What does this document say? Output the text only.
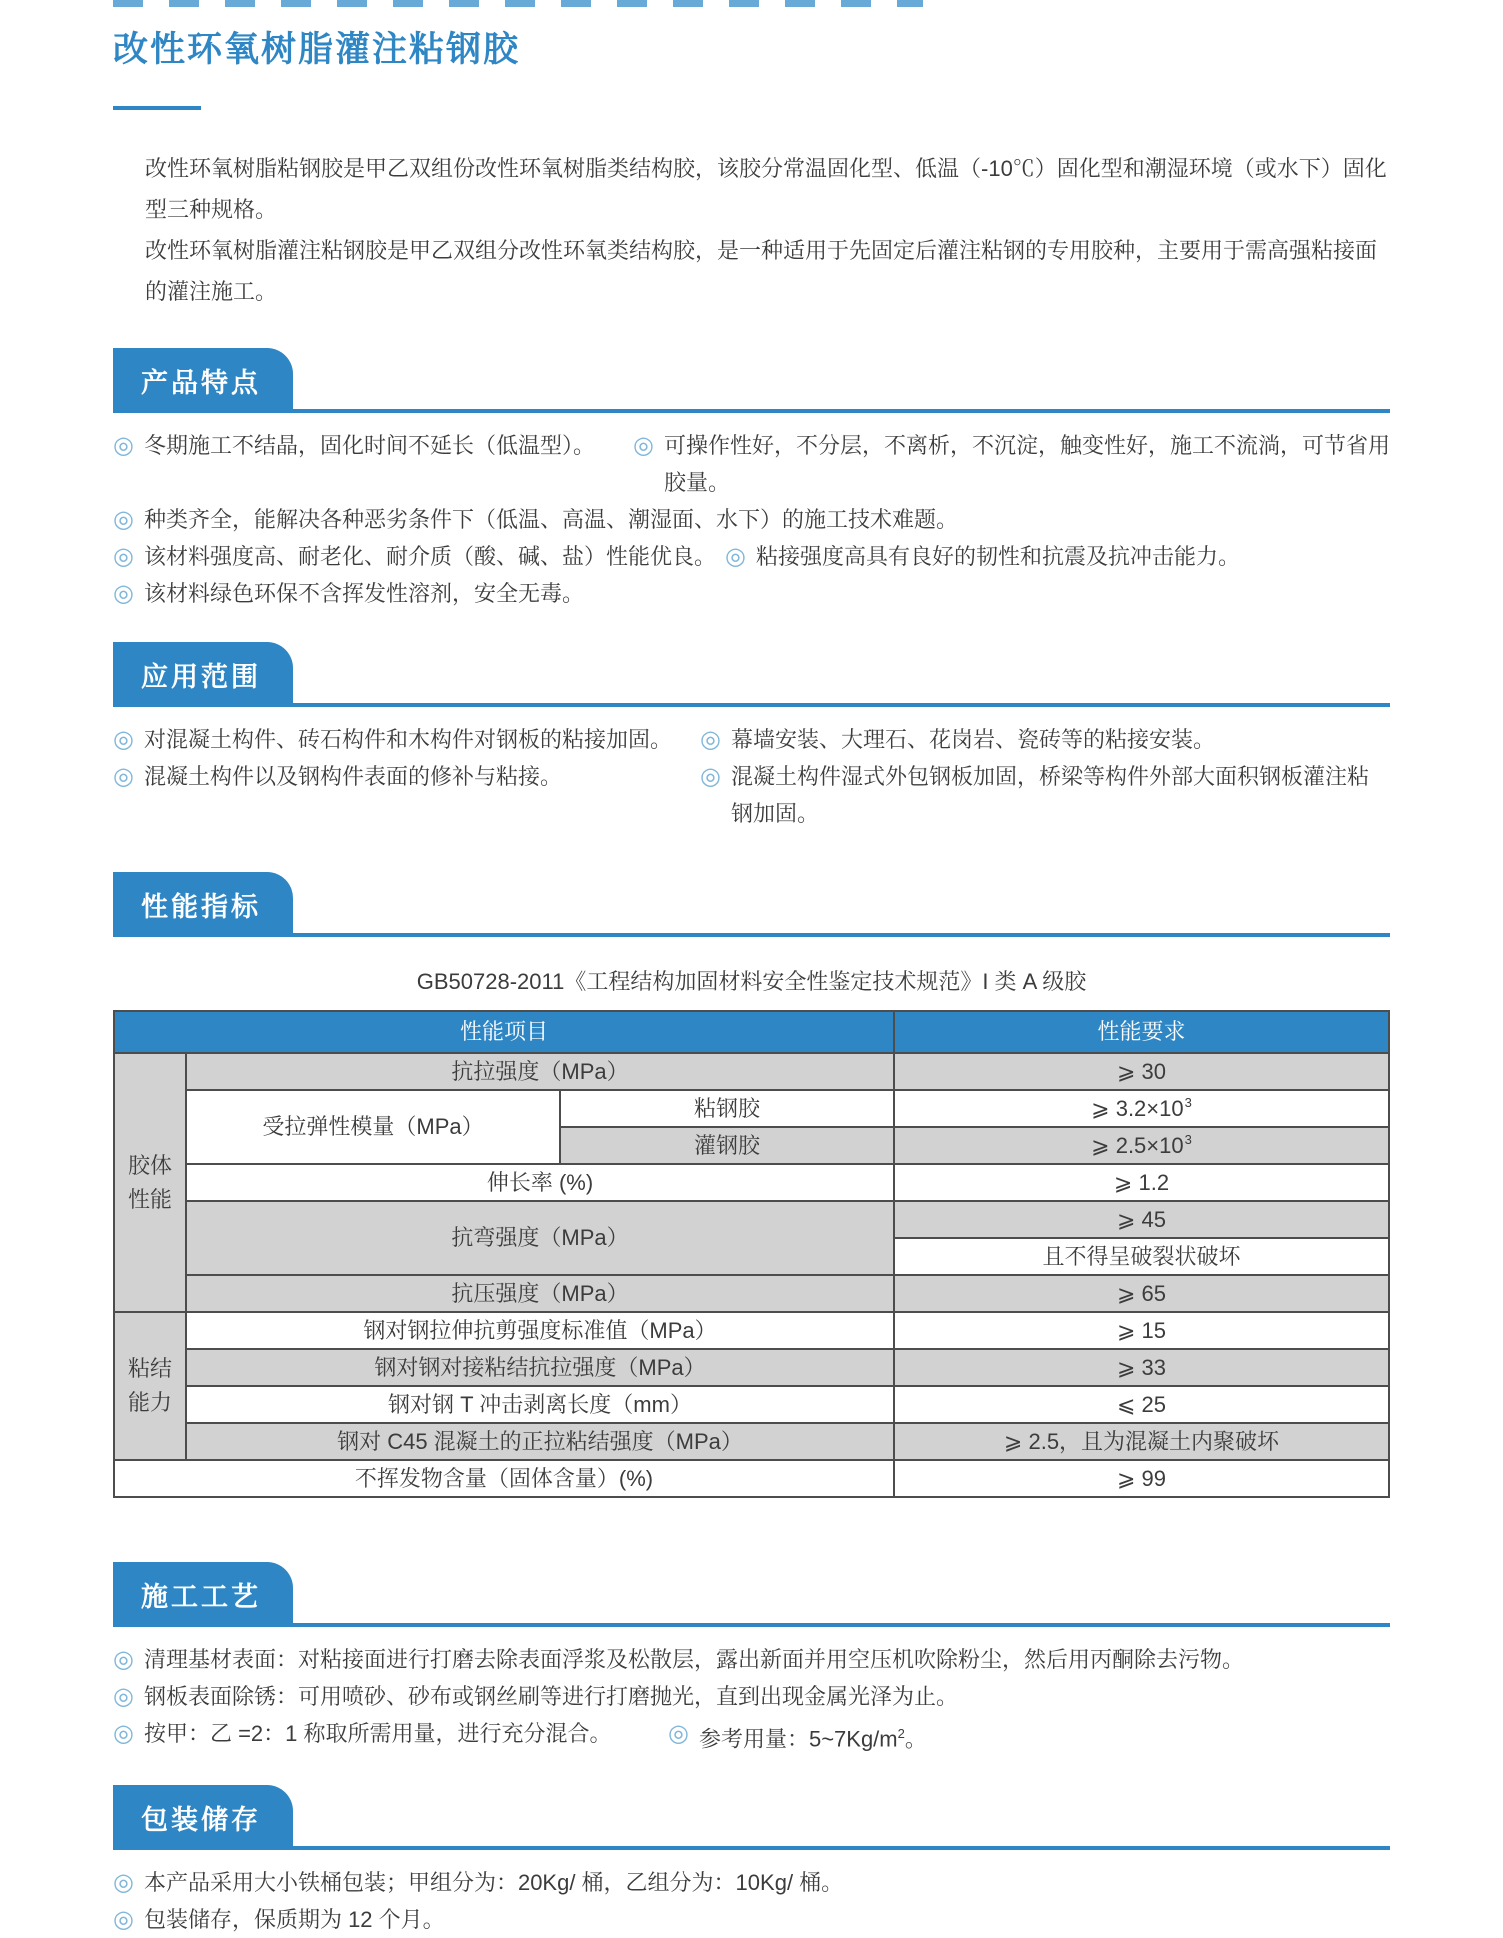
改性环氧树脂灌注粘钢胶
改性环氧树脂粘钢胶是甲乙双组份改性环氧树脂类结构胶，该胶分常温固化型、低温（-10℃）固化型和潮湿环境（或水下）固化型三种规格。
改性环氧树脂灌注粘钢胶是甲乙双组分改性环氧类结构胶，是一种适用于先固定后灌注粘钢的专用胶种，主要用于需高强粘接面的灌注施工。
产品特点
◎ 冬期施工不结晶，固化时间不延长（低温型）。 ◎ 可操作性好，不分层，不离析，不沉淀，触变性好，施工不流淌，可节省用胶量。
◎ 种类齐全，能解决各种恶劣条件下（低温、高温、潮湿面、水下）的施工技术难题。
◎ 该材料强度高、耐老化、耐介质（酸、碱、盐）性能优良。 ◎ 粘接强度高具有良好的韧性和抗震及抗冲击能力。
◎ 该材料绿色环保不含挥发性溶剂，安全无毒。
应用范围
◎ 对混凝土构件、砖石构件和木构件对钢板的粘接加固。 ◎ 幕墙安装、大理石、花岗岩、瓷砖等的粘接安装。
◎ 混凝土构件以及钢构件表面的修补与粘接。	◎ 混凝土构件湿式外包钢板加固，桥梁等构件外部大面积钢板灌注粘钢加固。
性能指标
GB50728-2011《工程结构加固材料安全性鉴定技术规范》I 类 A 级胶
性能项目	性能要求
胶体性能
抗拉强度（MPa）	⩾ 30
受拉弹性模量（MPa）
粘钢胶	⩾ $3.2\times 10^3$
灌钢胶	⩾ $2.5\times 10^3$
伸长率 (%)	⩾ 1.2
抗弯强度（MPa）
⩾ 45
且不得呈破裂状破坏
抗压强度（MPa）	⩾ 65
粘结能力
钢对钢拉伸抗剪强度标准值（MPa）	⩾ 15
钢对钢对接粘结抗拉强度（MPa）	⩾ 33
钢对钢 T 冲击剥离长度（mm）	⩽ 25
钢对 C45 混凝土的正拉粘结强度（MPa）	⩾ 2.5，且为混凝土内聚破坏
不挥发物含量（固体含量）(%)	⩾ 99
施工工艺
◎ 清理基材表面：对粘接面进行打磨去除表面浮浆及松散层，露出新面并用空压机吹除粉尘，然后用丙酮除去污物。
◎ 钢板表面除锈：可用喷砂、砂布或钢丝刷等进行打磨抛光，直到出现金属光泽为止。
◎ 按甲：乙 =2：1 称取所需用量，进行充分混合。 ◎ 参考用量：$5\sim 7Kg/m^2$。
包装储存
◎ 本产品采用大小铁桶包装；甲组分为：20Kg/ 桶，乙组分为：10Kg/ 桶。
◎ 包装储存，保质期为 12 个月。
